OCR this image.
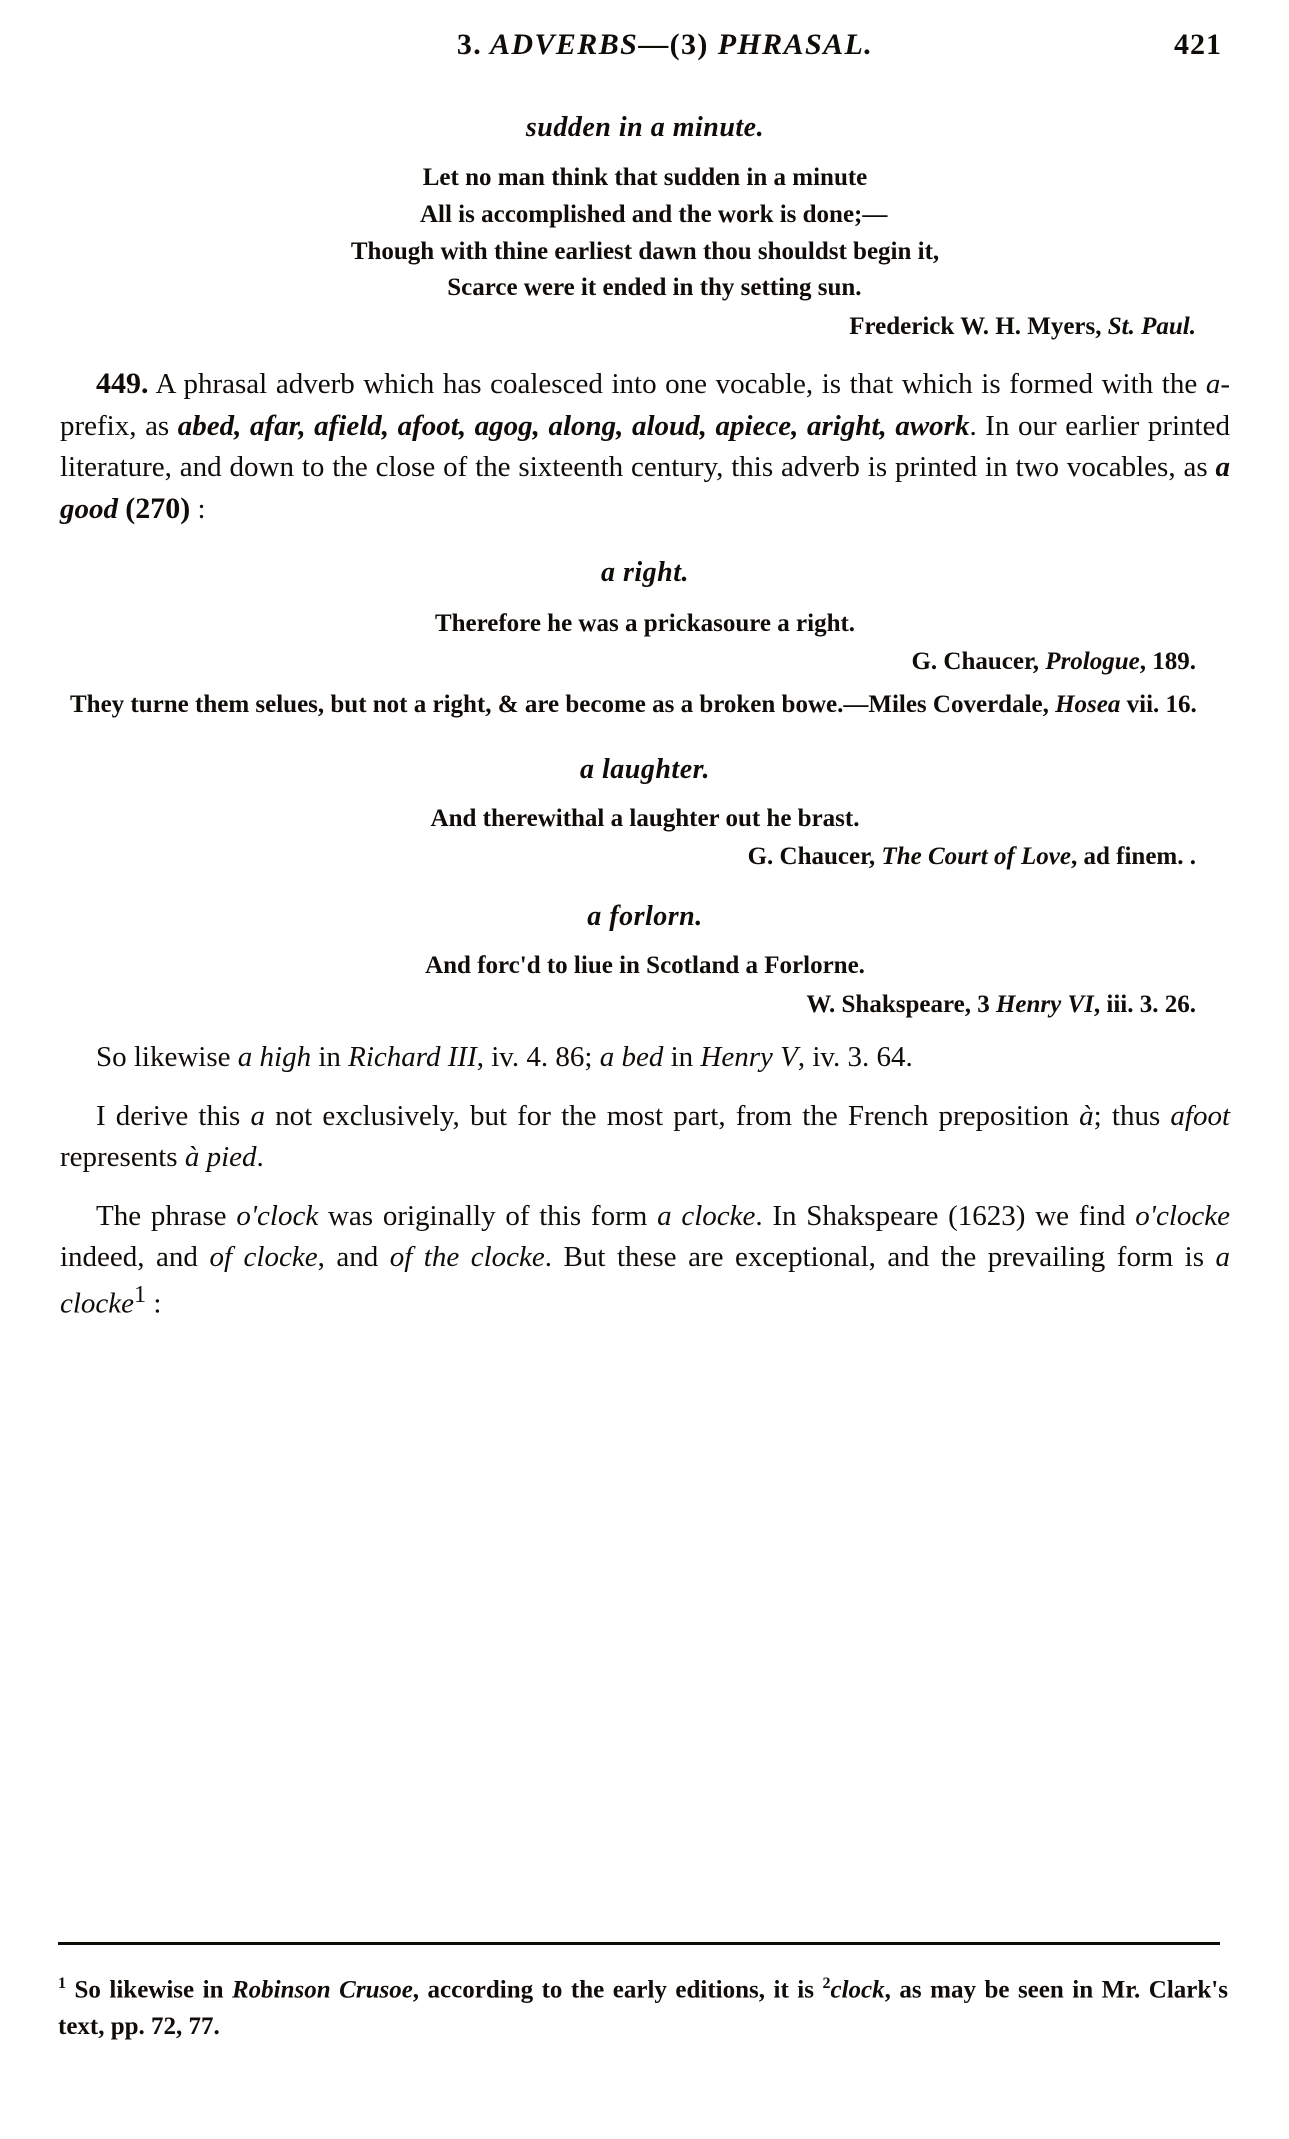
3. ADVERBS—(3) PHRASAL.	421
sudden in a minute.
Let no man think that sudden in a minute
All is accomplished and the work is done;—
Though with thine earliest dawn thou shouldst begin it,
Scarce were it ended in thy setting sun.
Frederick W. H. Myers, St. Paul.

449. A phrasal adverb which has coalesced into one vocable, is that which is formed with the a-prefix, as abed, afar, afield, afoot, agog, along, aloud, apiece, aright, awork. In our earlier printed literature, and down to the close of the sixteenth century, this adverb is printed in two vocables, as a good (270) :

a right.
Therefore he was a prickasoure a right.
G. Chaucer, Prologue, 189.
They turne them selues, but not a right, & are become as a broken bowe.—Miles Coverdale, Hosea vii. 16.
a laughter.
And therewithal a laughter out he brast.
G. Chaucer, The Court of Love, ad finem. .
a forlorn.
And forc'd to liue in Scotland a Forlorne.
W. Shakspeare, 3 Henry VI, iii. 3. 26.

So likewise a high in Richard III, iv. 4. 86; a bed in Henry V, iv. 3. 64.

I derive this a not exclusively, but for the most part, from the French preposition à; thus afoot represents à pied.

The phrase o'clock was originally of this form a clocke. In Shakspeare (1623) we find o'clocke indeed, and of clocke, and of the clocke. But these are exceptional, and the prevailing form is a clocke$^1$ :

$^1$ So likewise in Robinson Crusoe, according to the early editions, it is $^2$clock, as may be seen in Mr. Clark's text, pp. 72, 77.
